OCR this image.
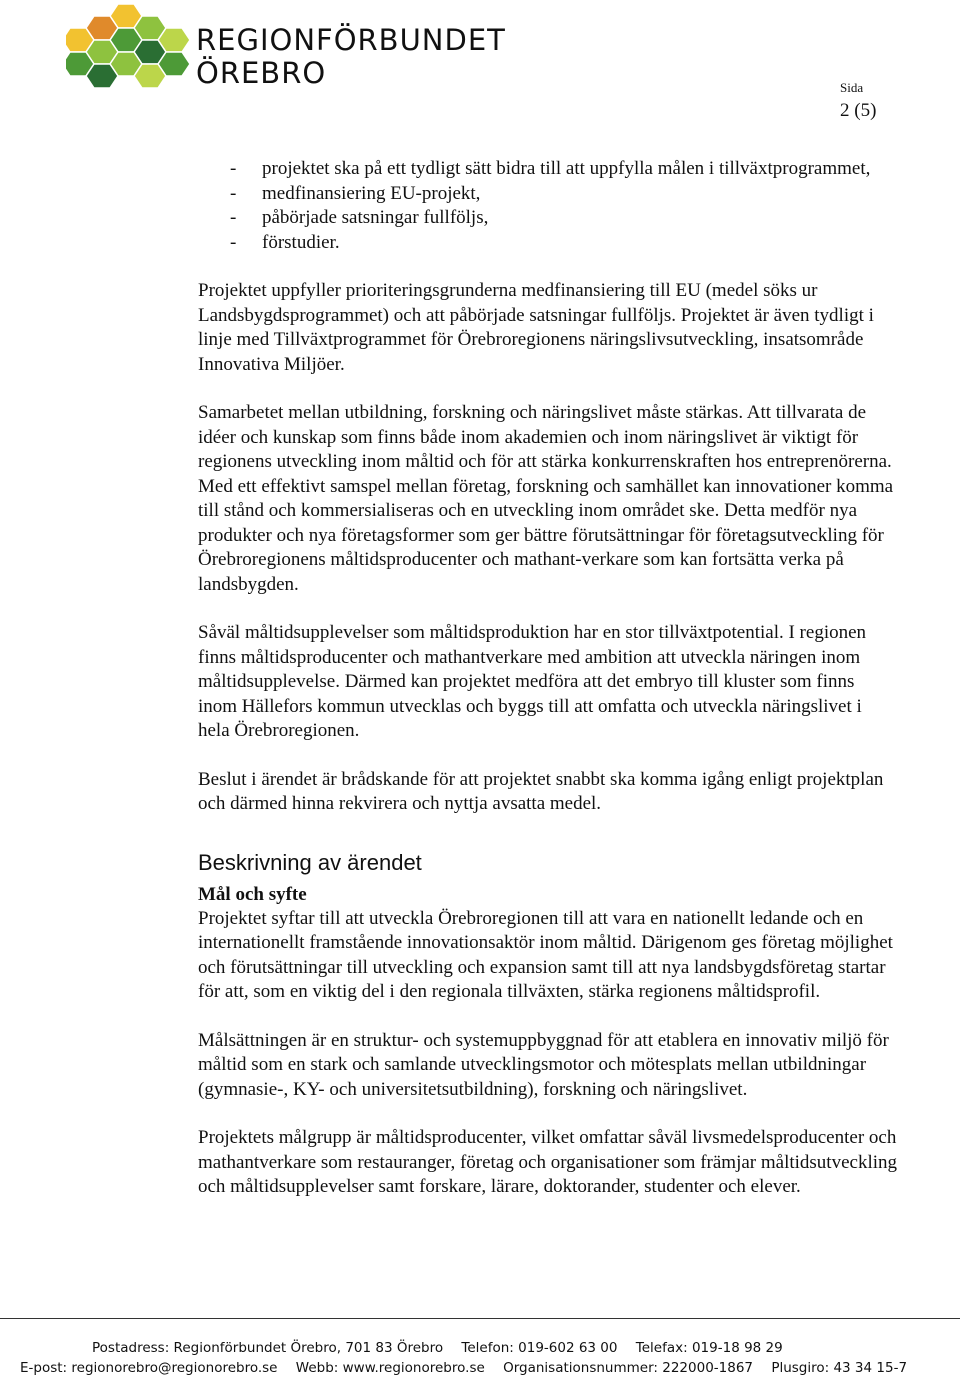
REGIONFÖRBUNDET
ÖREBRO	Sida
2 (5)
- projektet ska på ett tydligt sätt bidra till att uppfylla målen i tillväxtprogrammet,
- medfinansiering EU-projekt,
- påbörjade satsningar fullföljs,
- förstudier.

Projektet uppfyller prioriteringsgrunderna medfinansiering till EU (medel söks ur Landsbygdsprogrammet) och att påbörjade satsningar fullföljs. Projektet är även tydligt i linje med Tillväxtprogrammet för Örebroregionens näringslivsutveckling, insatsområde Innovativa Miljöer.

Samarbetet mellan utbildning, forskning och näringslivet måste stärkas. Att tillvarata de idéer och kunskap som finns både inom akademien och inom näringslivet är viktigt för regionens utveckling inom måltid och för att stärka konkurrenskraften hos entreprenörerna. Med ett effektivt samspel mellan företag, forskning och samhället kan innovationer komma till stånd och kommersialiseras och en utveckling inom området ske. Detta medför nya produkter och nya företagsformer som ger bättre förutsättningar för företagsutveckling för Örebroregionens måltidsproducenter och mathant-verkare som kan fortsätta verka på landsbygden.

Såväl måltidsupplevelser som måltidsproduktion har en stor tillväxtpotential. I regionen finns måltidsproducenter och mathantverkare med ambition att utveckla näringen inom måltidsupplevelse. Därmed kan projektet medföra att det embryo till kluster som finns inom Hällefors kommun utvecklas och byggs till att omfatta och utveckla näringslivet i hela Örebroregionen.

Beslut i ärendet är brådskande för att projektet snabbt ska komma igång enligt projektplan och därmed hinna rekvirera och nyttja avsatta medel.

Beskrivning av ärendet

Mål och syfte

Projektet syftar till att utveckla Örebroregionen till att vara en nationellt ledande och en internationellt framstående innovationsaktör inom måltid. Därigenom ges företag möjlighet och förutsättningar till utveckling och expansion samt till att nya landsbygdsföretag startar för att, som en viktig del i den regionala tillväxten, stärka regionens måltidsprofil.

Målsättningen är en struktur- och systemuppbyggnad för att etablera en innovativ miljö för måltid som en stark och samlande utvecklingsmotor och mötesplats mellan utbildningar (gymnasie-, KY- och universitetsutbildning), forskning och näringslivet.

Projektets målgrupp är måltidsproducenter, vilket omfattar såväl livsmedelsproducenter och mathantverkare som restauranger, företag och organisationer som främjar måltidsutveckling och måltidsupplevelser samt forskare, lärare, doktorander, studenter och elever.

Postadress: Regionförbundet Örebro, 701 83 Örebro Telefon: 019-602 63 00 Telefax: 019-18 98 29
E-post: regionorebro@regionorebro.se Webb: www.regionorebro.se Organisationsnummer: 222000-1867 Plusgiro: 43 34 15-7
